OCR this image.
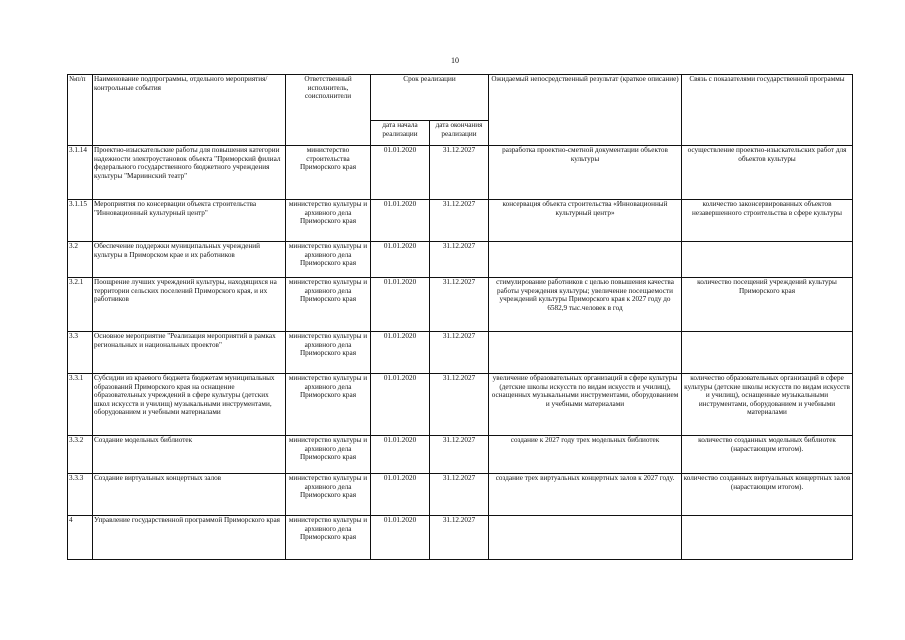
10
№п/п	Наименование подпрограммы, отдельного мероприятия/контрольные события	Ответственный исполнитель, соисполнители	Срок реализации		Ожидаемый непосредственный результат (краткое описание)	Связь с показателями государственной программы
			дата начала реализации	дата окончания реализации		
3.1.14	Проектно-изыскательские работы для повышения категории надежности электроустановок объекта "Приморский филиал федерального государственного бюджетного учреждения культуры "Мариинский театр"	министерство строительства Приморского края	01.01.2020	31.12.2027	разработка проектно-сметной документации объектов культуры	осуществление проектно-изыскательских работ для объектов культуры
3.1.15	Мероприятия по консервации объекта строительства "Инновационный культурный центр"	министерство культуры и архивного дела Приморского края	01.01.2020	31.12.2027	консервация объекта строительства «Инновационный культурный центр»	количество законсервированных объектов незавершенного строительства в сфере культуры
3.2	Обеспечение поддержки муниципальных учреждений культуры в Приморском крае и их работников	министерство культуры и архивного дела Приморского края	01.01.2020	31.12.2027		
3.2.1	Поощрение лучших учреждений культуры, находящихся на территории сельских поселений Приморского края, и их работников	министерство культуры и архивного дела Приморского края	01.01.2020	31.12.2027	стимулирование работников с целью повышения качества работы учреждения культуры; увеличение посещаемости учреждений культуры Приморского края к 2027 году до 6582,9 тыс.человек в год	количество посещений учреждений культуры Приморского края
3.3	Основное мероприятие "Реализация мероприятий в рамках региональных и национальных проектов"	министерство культуры и архивного дела Приморского края	01.01.2020	31.12.2027		
3.3.1	Субсидии из краевого бюджета бюджетам муниципальных образований Приморского края на оснащение образовательных учреждений в сфере культуры (детских школ искусств и училищ) музыкальными инструментами, оборудованием и учебными материалами	министерство культуры и архивного дела Приморского края	01.01.2020	31.12.2027	увеличение образовательных организаций в сфере культуры (детские школы искусств по видам искусств и училищ), оснащенных музыкальными инструментами, оборудованием и учебными материалами	количество образовательных организаций в сфере культуры (детские школы искусств по видам искусств и училищ), оснащенные музыкальными инструментами, оборудованием и учебными материалами
3.3.2	Создание модельных библиотек	министерство культуры и архивного дела Приморского края	01.01.2020	31.12.2027	создание к 2027 году трех модельных библиотек	количество созданных модельных библиотек (нарастающим итогом).
3.3.3	Создание виртуальных концертных залов	министерство культуры и архивного дела Приморского края	01.01.2020	31.12.2027	создание трех виртуальных концертных залов к 2027 году.	количество созданных виртуальных концертных залов (нарастающим итогом).
4	Управление государственной программой Приморского края	министерство культуры и архивного дела Приморского края	01.01.2020	31.12.2027		
